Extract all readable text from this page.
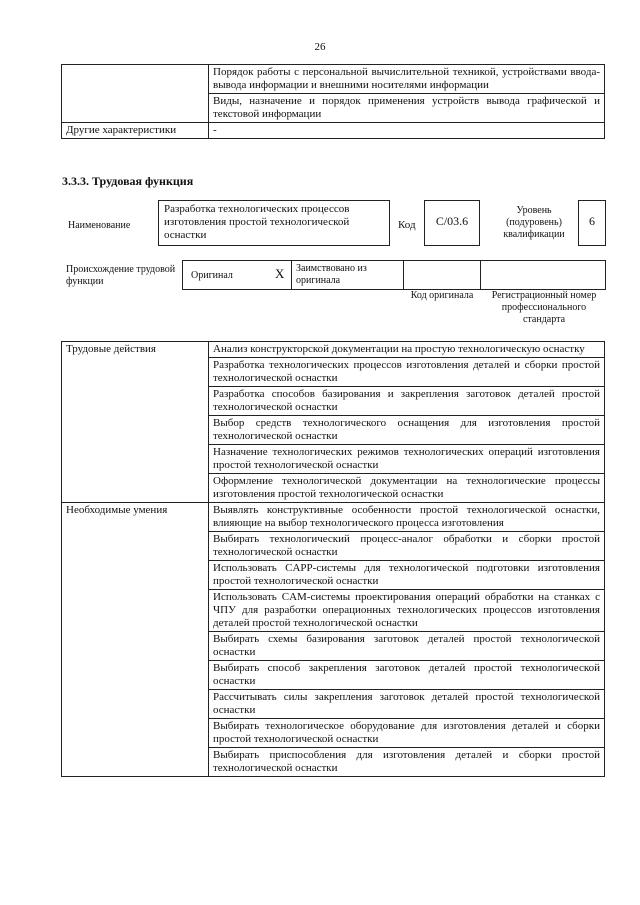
26
	Порядок работы с персональной вычислительной техникой, устройствами ввода-вывода информации и внешними носителями информации
	Виды, назначение и порядок применения устройств вывода графической и текстовой информации
Другие характеристики	-
3.3.3. Трудовая функция
Наименование
Разработка технологических процессов изготовления простой технологической оснастки
Код	C/03.6
Уровень (подуровень) квалификации
6
Происхождение трудовой функции
Оригинал	X	Заимствовано из оригинала
Код оригинала	Регистрационный номер профессионального стандарта
Трудовые действия	Анализ конструкторской документации на простую технологическую оснастку
	Разработка технологических процессов изготовления деталей и сборки простой технологической оснастки
	Разработка способов базирования и закрепления заготовок деталей простой технологической оснастки
	Выбор средств технологического оснащения для изготовления простой технологической оснастки
	Назначение технологических режимов технологических операций изготовления простой технологической оснастки
	Оформление технологической документации на технологические процессы изготовления простой технологической оснастки
Необходимые умения	Выявлять конструктивные особенности простой технологической оснастки, влияющие на выбор технологического процесса изготовления
	Выбирать технологический процесс-аналог обработки и сборки простой технологической оснастки
	Использовать CAPP-системы для технологической подготовки изготовления простой технологической оснастки
	Использовать CAM-системы проектирования операций обработки на станках с ЧПУ для разработки операционных технологических процессов изготовления деталей простой технологической оснастки
	Выбирать схемы базирования заготовок деталей простой технологической оснастки
	Выбирать способ закрепления заготовок деталей простой технологической оснастки
	Рассчитывать силы закрепления заготовок деталей простой технологической оснастки
	Выбирать технологическое оборудование для изготовления деталей и сборки простой технологической оснастки
	Выбирать приспособления для изготовления деталей и сборки простой технологической оснастки
